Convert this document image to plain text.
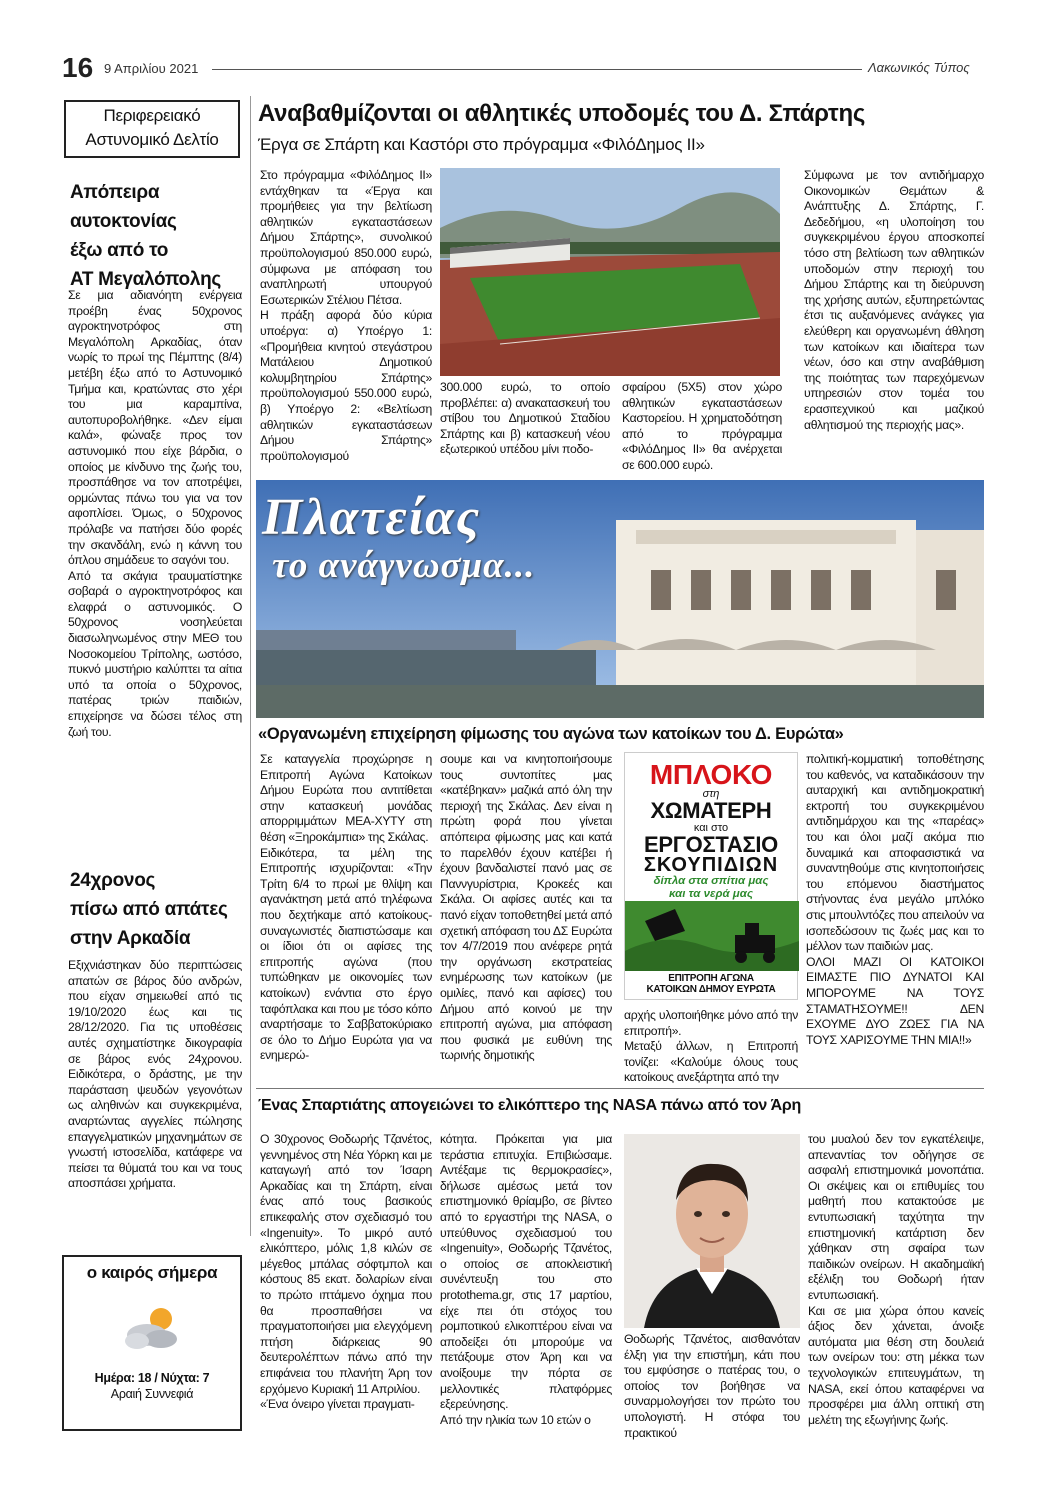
16 9 Απριλίου 2021	Λακωνικός Τύπος
Περιφερειακό
Αστυνομικό Δελτίο
Απόπειρα
αυτοκτονίας
έξω από το
ΑΤ Μεγαλόπολης
Σε μια αδιανόητη ενέργεια προέβη ένας 50χρονος αγροκτηνοτρόφος στη Μεγαλόπολη Αρκαδίας, όταν νωρίς το πρωί της Πέμπτης (8/4) μετέβη έξω από το Αστυνομικό Τμήμα και, κρατώντας στο χέρι του μια καραμπίνα, αυτοπυροβολήθηκε. «Δεν είμαι καλά», φώναξε προς τον αστυνομικό που είχε βάρδια, ο οποίος με κίνδυνο της ζωής του, προσπάθησε να τον αποτρέψει, ορμώντας πάνω του για να τον αφοπλίσει. Όμως, ο 50χρονος πρόλαβε να πατήσει δύο φορές την σκανδάλη, ενώ η κάννη του όπλου σημάδευε το σαγόνι του.
Από τα σκάγια τραυματίστηκε σοβαρά ο αγροκτηνοτρόφος και ελαφρά ο αστυνομικός. Ο 50χρονος νοσηλεύεται διασωληνωμένος στην ΜΕΘ του Νοσοκομείου Τρίπολης, ωστόσο, πυκνό μυστήριο καλύπτει τα αίτια υπό τα οποία ο 50χρονος, πατέρας τριών παιδιών, επιχείρησε να δώσει τέλος στη ζωή του.
24χρονος
πίσω από απάτες
στην Αρκαδία
Εξιχνιάστηκαν δύο περιπτώσεις απατών σε βάρος δύο ανδρών, που είχαν σημειωθεί από τις 19/10/2020 έως και τις 28/12/2020. Για τις υποθέσεις αυτές σχηματίστηκε δικογραφία σε βάρος ενός 24χρονου. Ειδικότερα, ο δράστης, με την παράσταση ψευδών γεγονότων ως αληθινών και συγκεκριμένα, αναρτώντας αγγελίες πώλησης επαγγελματικών μηχανημάτων σε γνωστή ιστοσελίδα, κατάφερε να πείσει τα θύματά του και να τους αποσπάσει χρήματα.
ο καιρός σήμερα
Ημέρα: 18 / Νύχτα: 7
Αραιή Συννεφιά
Αναβαθμίζονται οι αθλητικές υποδομές του Δ. Σπάρτης
Έργα σε Σπάρτη και Καστόρι στο πρόγραμμα «ΦιλόΔημος ΙΙ»
Στο πρόγραμμα «ΦιλόΔημος ΙΙ» εντάχθηκαν τα «Έργα και προμήθειες για την βελτίωση αθλητικών εγκαταστάσεων Δήμου Σπάρτης», συνολικού προϋπολογισμού 850.000 ευρώ, σύμφωνα με απόφαση του αναπληρωτή υπουργού Εσωτερικών Στέλιου Πέτσα.
Η πράξη αφορά δύο κύρια υποέργα: α) Υποέργο 1: «Προμήθεια κινητού στεγάστρου Ματάλειου Δημοτικού κολυμβητηρίου Σπάρτης» προϋπολογισμού 550.000 ευρώ, β) Υποέργο 2: «Βελτίωση αθλητικών εγκαταστάσεων Δήμου Σπάρτης» προϋπολογισμού
300.000 ευρώ, το οποίο προβλέπει: α) ανακατασκευή του στίβου του Δημοτικού Σταδίου Σπάρτης και β) κατασκευή νέου εξωτερικού υπέδου μίνι ποδο-
σφαίρου (5Χ5) στον χώρο αθλητικών εγκαταστάσεων Καστορείου. Η χρηματοδότηση από το πρόγραμμα «ΦιλόΔημος ΙΙ» θα ανέρχεται σε 600.000 ευρώ.
Σύμφωνα με τον αντιδήμαρχο Οικονομικών Θεμάτων & Ανάπτυξης Δ. Σπάρτης, Γ. Δεδεδήμου, «η υλοποίηση του συγκεκριμένου έργου αποσκοπεί τόσο στη βελτίωση των αθλητικών υποδομών στην περιοχή του Δήμου Σπάρτης και τη διεύρυνση της χρήσης αυτών, εξυπηρετώντας έτσι τις αυξανόμενες ανάγκες για ελεύθερη και οργανωμένη άθληση των κατοίκων και ιδιαίτερα των νέων, όσο και στην αναβάθμιση της ποιότητας των παρεχόμενων υπηρεσιών στον τομέα του ερασιτεχνικού και μαζικού αθλητισμού της περιοχής μας».
Πλατείας
το ανάγνωσμα...
«Οργανωμένη επιχείρηση φίμωσης του αγώνα των κατοίκων του Δ. Ευρώτα»
Σε καταγγελία προχώρησε η Επιτροπή Αγώνα Κατοίκων Δήμου Ευρώτα που αντιτίθεται στην κατασκευή μονάδας απορριμμάτων ΜΕΑ-ΧΥΤΥ στη θέση «Ξηροκάμπια» της Σκάλας.
Ειδικότερα, τα μέλη της Επιτροπής ισχυρίζονται: «Την Τρίτη 6/4 το πρωί με θλίψη και αγανάκτηση μετά από τηλέφωνα που δεχτήκαμε από κατοίκους-συναγωνιστές διαπιστώσαμε και οι ίδιοι ότι οι αφίσες της επιτροπής αγώνα (που τυπώθηκαν με οικονομίες των κατοίκων) ενάντια στο έργο ταφόπλακα και που με τόσο κόπο αναρτήσαμε το Σαββατοκύριακο σε όλο το Δήμο Ευρώτα για να ενημερώ-
σουμε και να κινητοποιήσουμε τους συντοπίτες μας «κατέβηκαν» μαζικά από όλη την περιοχή της Σκάλας. Δεν είναι η πρώτη φορά που γίνεται απόπειρα φίμωσης μας και κατά το παρελθόν έχουν κατέβει ή έχουν βανδαλιστεί πανό μας σε Παννγυρίστρια, Κροκεές και Σκάλα. Οι αφίσες αυτές και τα πανό είχαν τοποθετηθεί μετά από σχετική απόφαση του ΔΣ Ευρώτα τον 4/7/2019 που ανέφερε ρητά την οργάνωση εκστρατείας ενημέρωσης των κατοίκων (με ομιλίες, πανό και αφίσες) του Δήμου από κοινού με την επιτροπή αγώνα, μια απόφαση που φυσικά με ευθύνη της τωρινής δημοτικής
ΜΠΛΟΚΟ
στη
ΧΩΜΑΤΕΡΗ
και στο
ΕΡΓΟΣΤΑΣΙΟ
ΣΚΟΥΠΙΔΙΩΝ
δίπλα στα σπίτια μας
και τα νερά μας
ΕΠΙΤΡΟΠΗ ΑΓΩΝΑ
ΚΑΤΟΙΚΩΝ ΔΗΜΟΥ ΕΥΡΩΤΑ
αρχής υλοποιήθηκε μόνο από την επιτροπή».
Μεταξύ άλλων, η Επιτροπή τονίζει: «Καλούμε όλους τους κατοίκους ανεξάρτητα από την
πολιτική-κομματική τοποθέτησης του καθενός, να καταδικάσουν την αυταρχική και αντιδημοκρατική εκτροπή του συγκεκριμένου αντιδημάρχου και της «παρέας» του και όλοι μαζί ακόμα πιο δυναμικά και αποφασιστικά να συναντηθούμε στις κινητοποιήσεις του επόμενου διαστήματος στήνοντας ένα μεγάλο μπλόκο στις μπουλντόζες που απειλούν να ισοπεδώσουν τις ζωές μας και το μέλλον των παιδιών μας.
ΟΛΟΙ ΜΑΖΙ ΟΙ ΚΑΤΟΙΚΟΙ ΕΙΜΑΣΤΕ ΠΙΟ ΔΥΝΑΤΟΙ ΚΑΙ ΜΠΟΡΟΥΜΕ ΝΑ ΤΟΥΣ ΣΤΑΜΑΤΗΣΟΥΜΕ!! ΔΕΝ ΕΧΟΥΜΕ ΔΥΟ ΖΩΕΣ ΓΙΑ ΝΑ ΤΟΥΣ ΧΑΡΙΣΟΥΜΕ ΤΗΝ ΜΙΑ!!»
Ένας Σπαρτιάτης απογειώνει το ελικόπτερο της NASA πάνω από τον Άρη
Ο 30χρονος Θοδωρής Τζανέτος, γεννημένος στη Νέα Υόρκη και με καταγωγή από τον Ίσαρη Αρκαδίας και τη Σπάρτη, είναι ένας από τους βασικούς επικεφαλής στον σχεδιασμό του «Ingenuity». Το μικρό αυτό ελικόπτερο, μόλις 1,8 κιλών σε μέγεθος μπάλας σόφτμπολ και κόστους 85 εκατ. δολαρίων είναι το πρώτο ιπτάμενο όχημα που θα προσπαθήσει να πραγματοποιήσει μια ελεγχόμενη πτήση διάρκειας 90 δευτερολέπτων πάνω από την επιφάνεια του πλανήτη Άρη τον ερχόμενο Κυριακή 11 Απριλίου.
«Ένα όνειρο γίνεται πραγματι-
κότητα. Πρόκειται για μια τεράστια επιτυχία. Επιβιώσαμε. Αντέξαμε τις θερμοκρασίες», δήλωσε αμέσως μετά τον επιστημονικό θρίαμβο, σε βίντεο από το εργαστήρι της NASA, ο υπεύθυνος σχεδιασμού του «Ingenuity», Θοδωρής Τζανέτος, ο οποίος σε αποκλειστική συνέντευξη του στο protothema.gr, στις 17 μαρτίου, είχε πει ότι στόχος του ρομποτικού ελικοπτέρου είναι να αποδείξει ότι μπορούμε να πετάξουμε στον Άρη και να ανοίξουμε την πόρτα σε μελλοντικές πλατφόρμες εξερεύνησης.
Από την ηλικία των 10 ετών ο
Θοδωρής Τζανέτος, αισθανόταν έλξη για την επιστήμη, κάτι που του εμφύσησε ο πατέρας του, ο οποίος τον βοήθησε να συναρμολογήσει τον πρώτο του υπολογιστή. Η στόφα του πρακτικού
του μυαλού δεν τον εγκατέλειψε, απεναντίας τον οδήγησε σε ασφαλή επιστημονικά μονοπάτια. Οι σκέψεις και οι επιθυμίες του μαθητή που κατακτούσε με εντυπωσιακή ταχύτητα την επιστημονική κατάρτιση δεν χάθηκαν στη σφαίρα των παιδικών ονείρων. Η ακαδημαϊκή εξέλιξη του Θοδωρή ήταν εντυπωσιακή.
Και σε μια χώρα όπου κανείς άξιος δεν χάνεται, άνοιξε αυτόματα μια θέση στη δουλειά των ονείρων του: στη μέκκα των τεχνολογικών επιτευγμάτων, τη NASA, εκεί όπου καταφέρνει να προσφέρει μια άλλη οπτική στη μελέτη της εξωγήινης ζωής.
